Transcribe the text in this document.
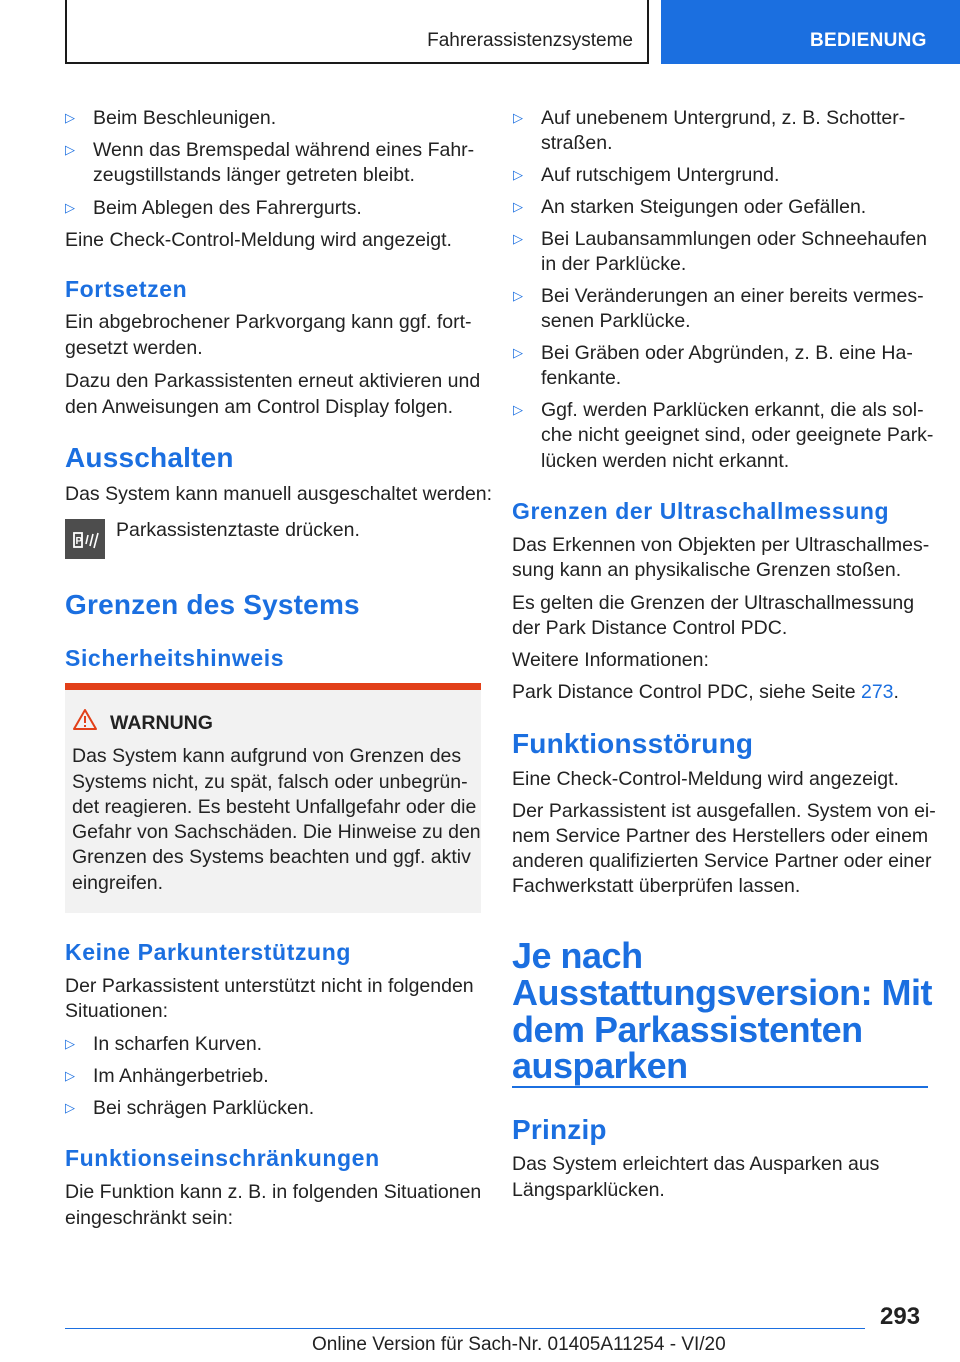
Fahrerassistenzsysteme	BEDIENUNG
▷ Beim Beschleunigen.
▷ Wenn das Bremspedal während eines Fahr-
zeugstillstands länger getreten bleibt.
▷ Beim Ablegen des Fahrergurts.
Eine Check-Control-Meldung wird angezeigt.
Fortsetzen
Ein abgebrochener Parkvorgang kann ggf. fort-
gesetzt werden.
Dazu den Parkassistenten erneut aktivieren und
den Anweisungen am Control Display folgen.
Ausschalten
Das System kann manuell ausgeschaltet werden:
P
Parkassistenztaste drücken.
Grenzen des Systems
Sicherheitshinweis
WARNUNG
Das System kann aufgrund von Grenzen des
Systems nicht, zu spät, falsch oder unbegrün-
det reagieren. Es besteht Unfallgefahr oder die
Gefahr von Sachschäden. Die Hinweise zu den
Grenzen des Systems beachten und ggf. aktiv
eingreifen.
Keine Parkunterstützung
Der Parkassistent unterstützt nicht in folgenden
Situationen:
▷ In scharfen Kurven.
▷ Im Anhängerbetrieb.
▷ Bei schrägen Parklücken.
Funktionseinschränkungen
Die Funktion kann z. B. in folgenden Situationen
eingeschränkt sein:
▷ Auf unebenem Untergrund, z. B. Schotter-
straßen.
▷ Auf rutschigem Untergrund.
▷ An starken Steigungen oder Gefällen.
▷ Bei Laubansammlungen oder Schneehaufen
in der Parklücke.
▷ Bei Veränderungen an einer bereits vermes-
senen Parklücke.
▷ Bei Gräben oder Abgründen, z. B. eine Ha-
fenkante.
▷ Ggf. werden Parklücken erkannt, die als sol-
che nicht geeignet sind, oder geeignete Park-
lücken werden nicht erkannt.
Grenzen der Ultraschallmessung
Das Erkennen von Objekten per Ultraschallmes-
sung kann an physikalische Grenzen stoßen.
Es gelten die Grenzen der Ultraschallmessung
der Park Distance Control PDC.
Weitere Informationen:
Park Distance Control PDC, siehe Seite 273.
Funktionsstörung
Eine Check-Control-Meldung wird angezeigt.
Der Parkassistent ist ausgefallen. System von ei-
nem Service Partner des Herstellers oder einem
anderen qualifizierten Service Partner oder einer
Fachwerkstatt überprüfen lassen.
Je nach
Ausstattungsversion: Mit
dem Parkassistenten
ausparken
Prinzip
Das System erleichtert das Ausparken aus
Längsparklücken.
293
Online Version für Sach-Nr. 01405A11254 - VI/20
